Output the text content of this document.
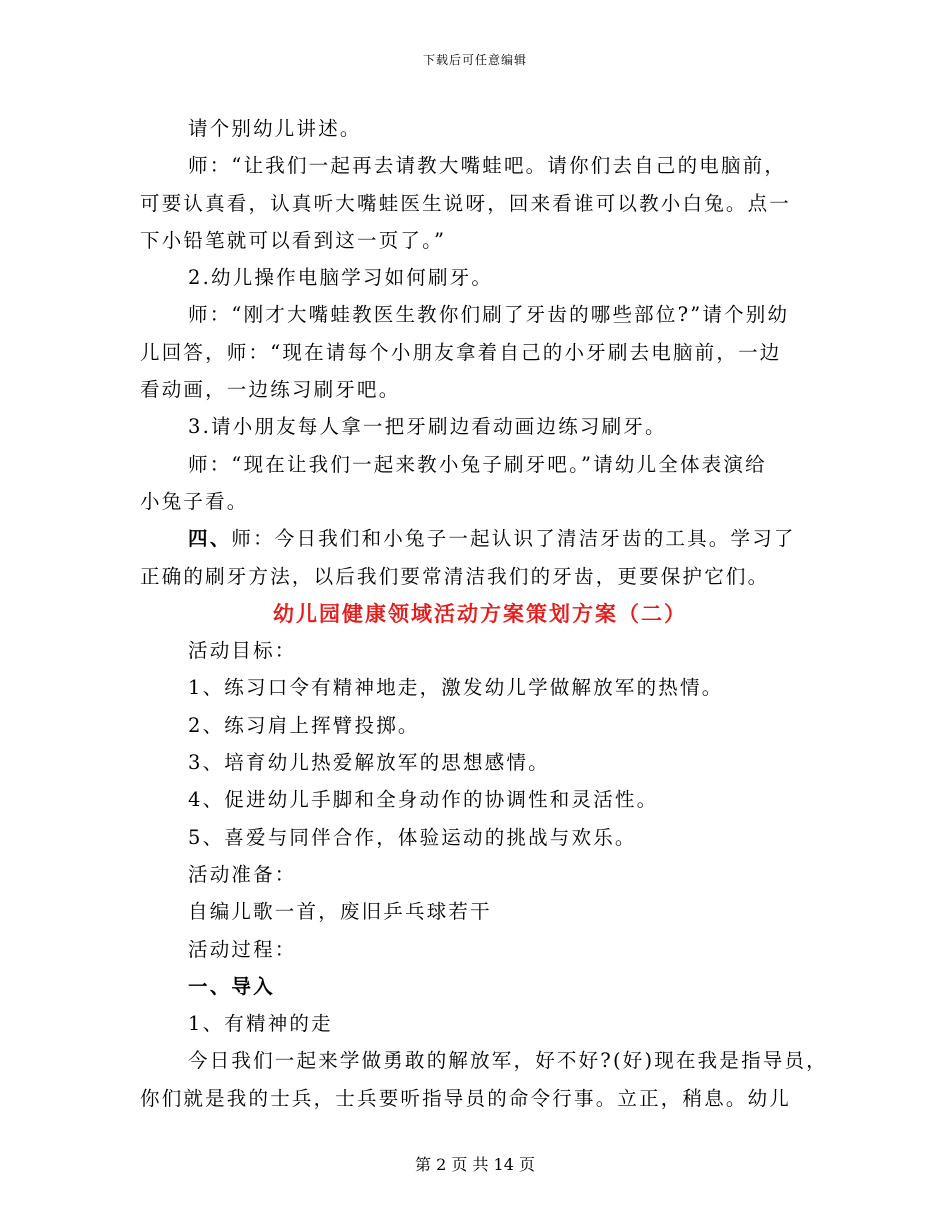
下载后可任意编辑
请个别幼儿讲述。
师：“让我们一起再去请教大嘴蛙吧。请你们去自己的电脑前，
可要认真看，认真听大嘴蛙医生说呀，回来看谁可以教小白兔。点一
下小铅笔就可以看到这一页了。”
2.幼儿操作电脑学习如何刷牙。
师：“刚才大嘴蛙教医生教你们刷了牙齿的哪些部位?”请个别幼
儿回答，师：“现在请每个小朋友拿着自己的小牙刷去电脑前，一边
看动画，一边练习刷牙吧。
3.请小朋友每人拿一把牙刷边看动画边练习刷牙。
师：“现在让我们一起来教小兔子刷牙吧。”请幼儿全体表演给
小兔子看。
四、师：今日我们和小兔子一起认识了清洁牙齿的工具。学习了
正确的刷牙方法，以后我们要常清洁我们的牙齿，更要保护它们。
幼儿园健康领域活动方案策划方案（二）
活动目标：
1、练习口令有精神地走，激发幼儿学做解放军的热情。
2、练习肩上挥臂投掷。
3、培育幼儿热爱解放军的思想感情。
4、促进幼儿手脚和全身动作的协调性和灵活性。
5、喜爱与同伴合作，体验运动的挑战与欢乐。
活动准备：
自编儿歌一首，废旧乒乓球若干
活动过程：
一、导入
1、有精神的走
今日我们一起来学做勇敢的解放军，好不好?(好)现在我是指导员，
你们就是我的士兵，士兵要听指导员的命令行事。立正，稍息。幼儿
第 2 页 共 14 页
